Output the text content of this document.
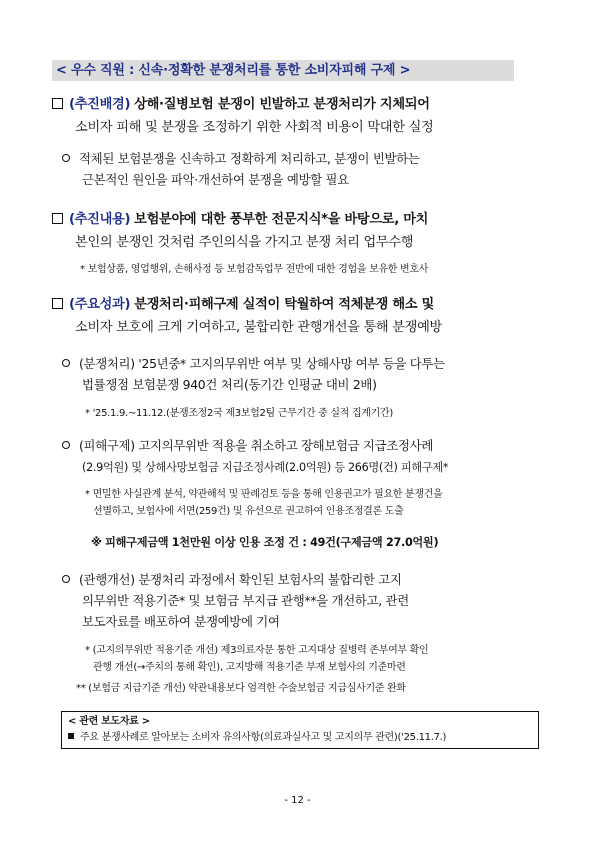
< 우수 직원 : 신속·정확한 분쟁처리를 통한 소비자피해 구제 >
(추진배경) 상해·질병보험 분쟁이 빈발하고 분쟁처리가 지체되어
소비자 피해 및 분쟁을 조정하기 위한 사회적 비용이 막대한 실정
적체된 보험분쟁을 신속하고 정확하게 처리하고, 분쟁이 빈발하는
근본적인 원인을 파악·개선하여 분쟁을 예방할 필요
(추진내용) 보험분야에 대한 풍부한 전문지식*을 바탕으로, 마치
본인의 분쟁인 것처럼 주인의식을 가지고 분쟁 처리 업무수행
* 보험상품, 영업행위, 손해사정 등 보험감독업무 전반에 대한 경험을 보유한 변호사
(주요성과) 분쟁처리·피해구제 실적이 탁월하여 적체분쟁 해소 및
소비자 보호에 크게 기여하고, 불합리한 관행개선을 통해 분쟁예방
(분쟁처리) '25년중* 고지의무위반 여부 및 상해사망 여부 등을 다투는
법률쟁점 보험분쟁 940건 처리(동기간 인평균 대비 2배)
* '25.1.9.~11.12.(분쟁조정2국 제3보험2팀 근무기간 중 실적 집계기간)
(피해구제) 고지의무위반 적용을 취소하고 장해보험금 지급조정사례
(2.9억원) 및 상해사망보험금 지급조정사례(2.0억원) 등 266명(건) 피해구제*
* 면밀한 사실관계 분석, 약관해석 및 판례검토 등을 통해 인용권고가 필요한 분쟁건을
선별하고, 보험사에 서면(259건) 및 유선으로 권고하여 인용조정결론 도출
※ 피해구제금액 1천만원 이상 인용 조정 건 : 49건(구제금액 27.0억원)
(관행개선) 분쟁처리 과정에서 확인된 보험사의 불합리한 고지
의무위반 적용기준* 및 보험금 부지급 관행**을 개선하고, 관련
보도자료를 배포하여 분쟁예방에 기여
* (고지의무위반 적용기준 개선) 제3의료자문 통한 고지대상 질병력 존부여부 확인
관행 개선(→주치의 통해 확인), 고지방해 적용기준 부재 보험사의 기준마련
** (보험금 지급기준 개선) 약관내용보다 엄격한 수술보험금 지급심사기준 완화
< 관련 보도자료 >
주요 분쟁사례로 알아보는 소비자 유의사항(의료과실사고 및 고지의무 관련)('25.11.7.)
- 12 -
